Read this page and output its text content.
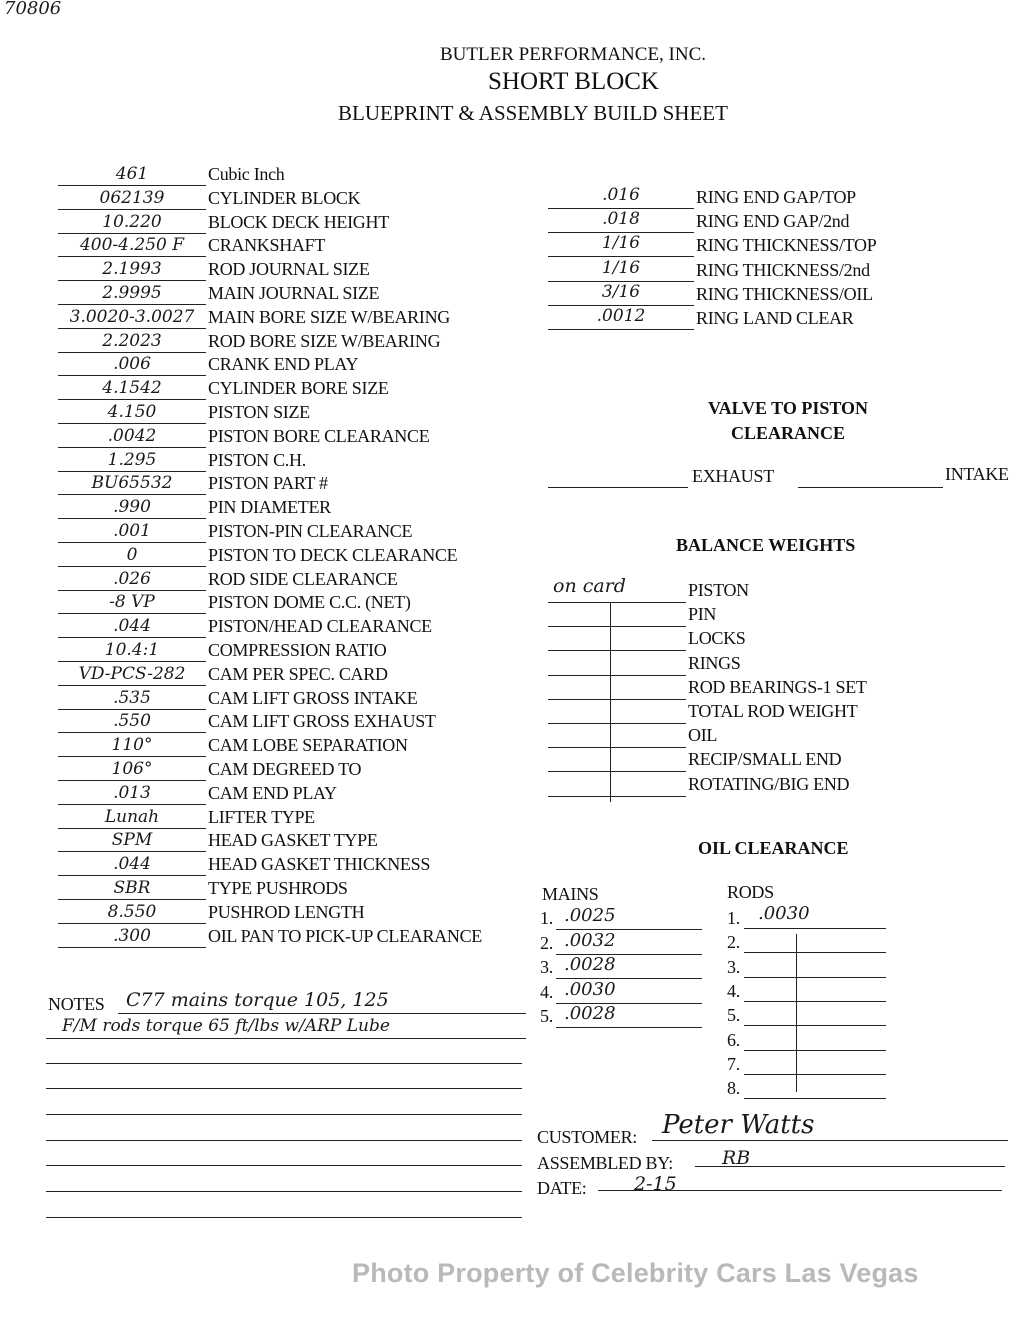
70806
BUTLER PERFORMANCE, INC.
SHORT BLOCK
BLUEPRINT & ASSEMBLY BUILD SHEET
461	Cubic Inch
062139	CYLINDER BLOCK
10.220	BLOCK DECK HEIGHT
400-4.250 F	CRANKSHAFT
2.1993	ROD JOURNAL SIZE
2.9995	MAIN JOURNAL SIZE
3.0020-3.0027 MAIN BORE SIZE W/BEARING
2.2023	ROD BORE SIZE W/BEARING
.006	CRANK END PLAY
4.1542	CYLINDER BORE SIZE
4.150	PISTON SIZE
.0042	PISTON BORE CLEARANCE
1.295	PISTON C.H.
BU65532	PISTON PART #
.990	PIN DIAMETER
.001	PISTON-PIN CLEARANCE
0	PISTON TO DECK CLEARANCE
.026	ROD SIDE CLEARANCE
-8 VP	PISTON DOME C.C. (NET)
.044	PISTON/HEAD CLEARANCE
10.4:1	COMPRESSION RATIO
VD-PCS-282	CAM PER SPEC. CARD
.535	CAM LIFT GROSS INTAKE
.550	CAM LIFT GROSS EXHAUST
110°	CAM LOBE SEPARATION
106°	CAM DEGREED TO
.013	CAM END PLAY
Lunah	LIFTER TYPE
SPM	HEAD GASKET TYPE
.044	HEAD GASKET THICKNESS
SBR	TYPE PUSHRODS
8.550	PUSHROD LENGTH
.300	OIL PAN TO PICK-UP CLEARANCE
.016	RING END GAP/TOP
.018	RING END GAP/2nd
1/16	RING THICKNESS/TOP
1/16	RING THICKNESS/2nd
3/16	RING THICKNESS/OIL
.0012	RING LAND CLEAR
VALVE TO PISTON
CLEARANCE
EXHAUST	INTAKE
BALANCE WEIGHTS
on card	PISTON
PIN
LOCKS
RINGS
ROD BEARINGS-1 SET
TOTAL ROD WEIGHT
OIL
RECIP/SMALL END
ROTATING/BIG END
OIL CLEARANCE
MAINS	RODS
1. .0025
2. .0032
3. .0028
4. .0030
5. .0028
1. .0030
2.
3.
4.
5.
6.
7.
8.
NOTES C77 mains torque 105, 125
F/M rods torque 65 ft/lbs w/ARP Lube
CUSTOMER: Peter Watts
ASSEMBLED BY:	RB
DATE:	2-15
Photo Property of Celebrity Cars Las Vegas
